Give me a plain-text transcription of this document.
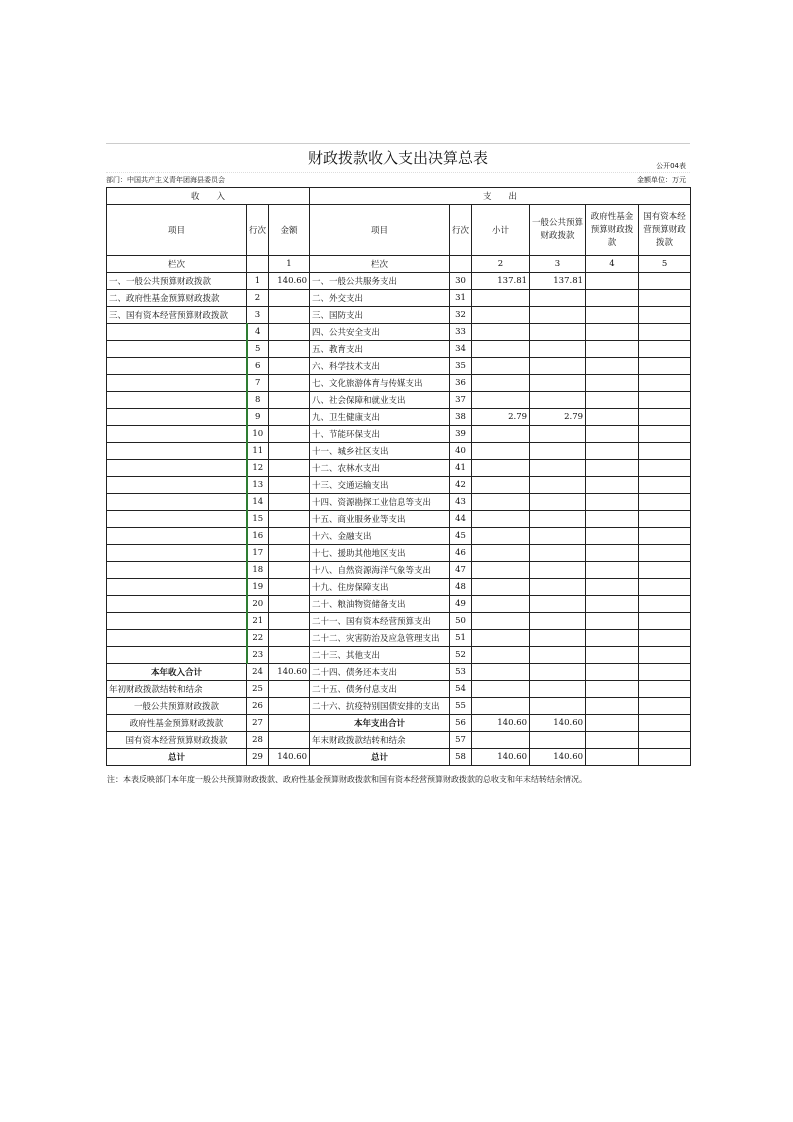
财政拨款收入支出决算总表	公开04表
部门：中国共产主义青年团海县委员会	金额单位：万元
收　　入			支　　出					
项目	行次	金额	项目	行次	小计	一般公共预算财政拨款	政府性基金预算财政拨款	国有资本经营预算财政拨款
栏次		1	栏次		2	3	4	5
一、一般公共预算财政拨款	1	140.60	一、一般公共服务支出	30	137.81	137.81		
二、政府性基金预算财政拨款	2		二、外交支出	31				
三、国有资本经营预算财政拨款	3		三、国防支出	32				
	4		四、公共安全支出	33				
	5		五、教育支出	34				
	6		六、科学技术支出	35				
	7		七、文化旅游体育与传媒支出	36				
	8		八、社会保障和就业支出	37				
	9		九、卫生健康支出	38	2.79	2.79		
	10		十、节能环保支出	39				
	11		十一、城乡社区支出	40				
	12		十二、农林水支出	41				
	13		十三、交通运输支出	42				
	14		十四、资源勘探工业信息等支出	43				
	15		十五、商业服务业等支出	44				
	16		十六、金融支出	45				
	17		十七、援助其他地区支出	46				
	18		十八、自然资源海洋气象等支出	47				
	19		十九、住房保障支出	48				
	20		二十、粮油物资储备支出	49				
	21		二十一、国有资本经营预算支出	50				
	22		二十二、灾害防治及应急管理支出	51				
	23		二十三、其他支出	52				
本年收入合计	24	140.60	二十四、债务还本支出	53				
年初财政拨款结转和结余	25		二十五、债务付息支出	54				
一般公共预算财政拨款	26		二十六、抗疫特别国债安排的支出	55				
政府性基金预算财政拨款	27		本年支出合计	56	140.60	140.60		
国有资本经营预算财政拨款	28		年末财政拨款结转和结余	57				
总计	29	140.60	总计	58	140.60	140.60		
注：本表反映部门本年度一般公共预算财政拨款、政府性基金预算财政拨款和国有资本经营预算财政拨款的总收支和年末结转结余情况。
